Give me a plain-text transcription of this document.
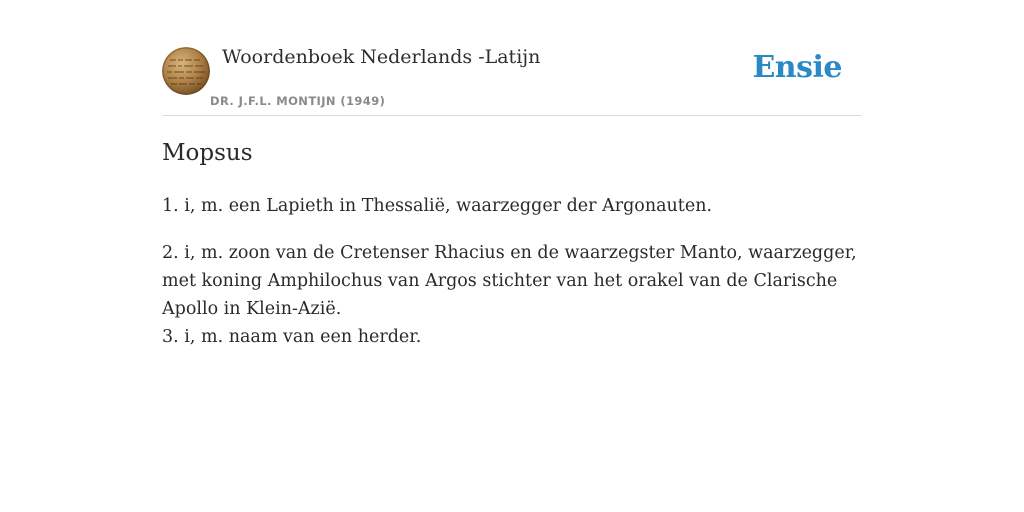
Woordenboek Nederlands -Latijn
DR. J.F.L. MONTIJN (1949)
Ensie
Mopsus

1. i, m. een Lapieth in Thessalië, waarzegger der Argonauten.

2. i, m. zoon van de Cretenser Rhacius en de waarzegster Manto, waarzegger, met koning Amphilochus van Argos stichter van het orakel van de Clarische Apollo in Klein-Azië.
3. i, m. naam van een herder.
